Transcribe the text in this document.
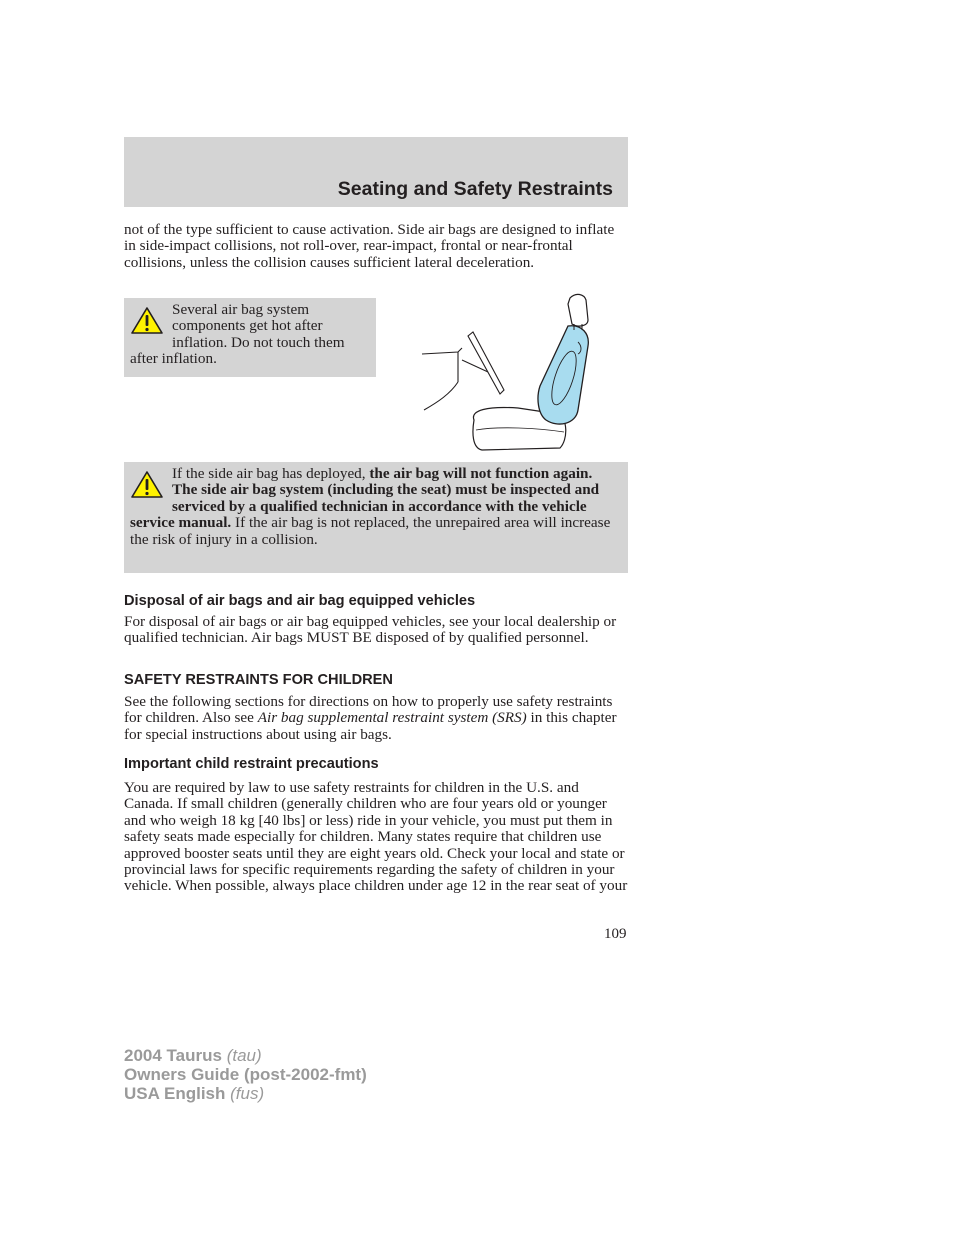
Seating and Safety Restraints
not of the type sufficient to cause activation. Side air bags are designed to inflate in side-impact collisions, not roll-over, rear-impact, frontal or near-frontal collisions, unless the collision causes sufficient lateral deceleration.
Several air bag system components get hot after inflation. Do not touch them after inflation.
If the side air bag has deployed, the air bag will not function again. The side air bag system (including the seat) must be inspected and serviced by a qualified technician in accordance with the vehicle service manual. If the air bag is not replaced, the unrepaired area will increase the risk of injury in a collision.
Disposal of air bags and air bag equipped vehicles
For disposal of air bags or air bag equipped vehicles, see your local dealership or qualified technician. Air bags MUST BE disposed of by qualified personnel.
SAFETY RESTRAINTS FOR CHILDREN
See the following sections for directions on how to properly use safety restraints for children. Also see Air bag supplemental restraint system (SRS) in this chapter for special instructions about using air bags.
Important child restraint precautions
You are required by law to use safety restraints for children in the U.S. and Canada. If small children (generally children who are four years old or younger and who weigh 18 kg [40 lbs] or less) ride in your vehicle, you must put them in safety seats made especially for children. Many states require that children use approved booster seats until they are eight years old. Check your local and state or provincial laws for specific requirements regarding the safety of children in your vehicle. When possible, always place children under age 12 in the rear seat of your
109
2004 Taurus (tau)
Owners Guide (post-2002-fmt)
USA English (fus)
